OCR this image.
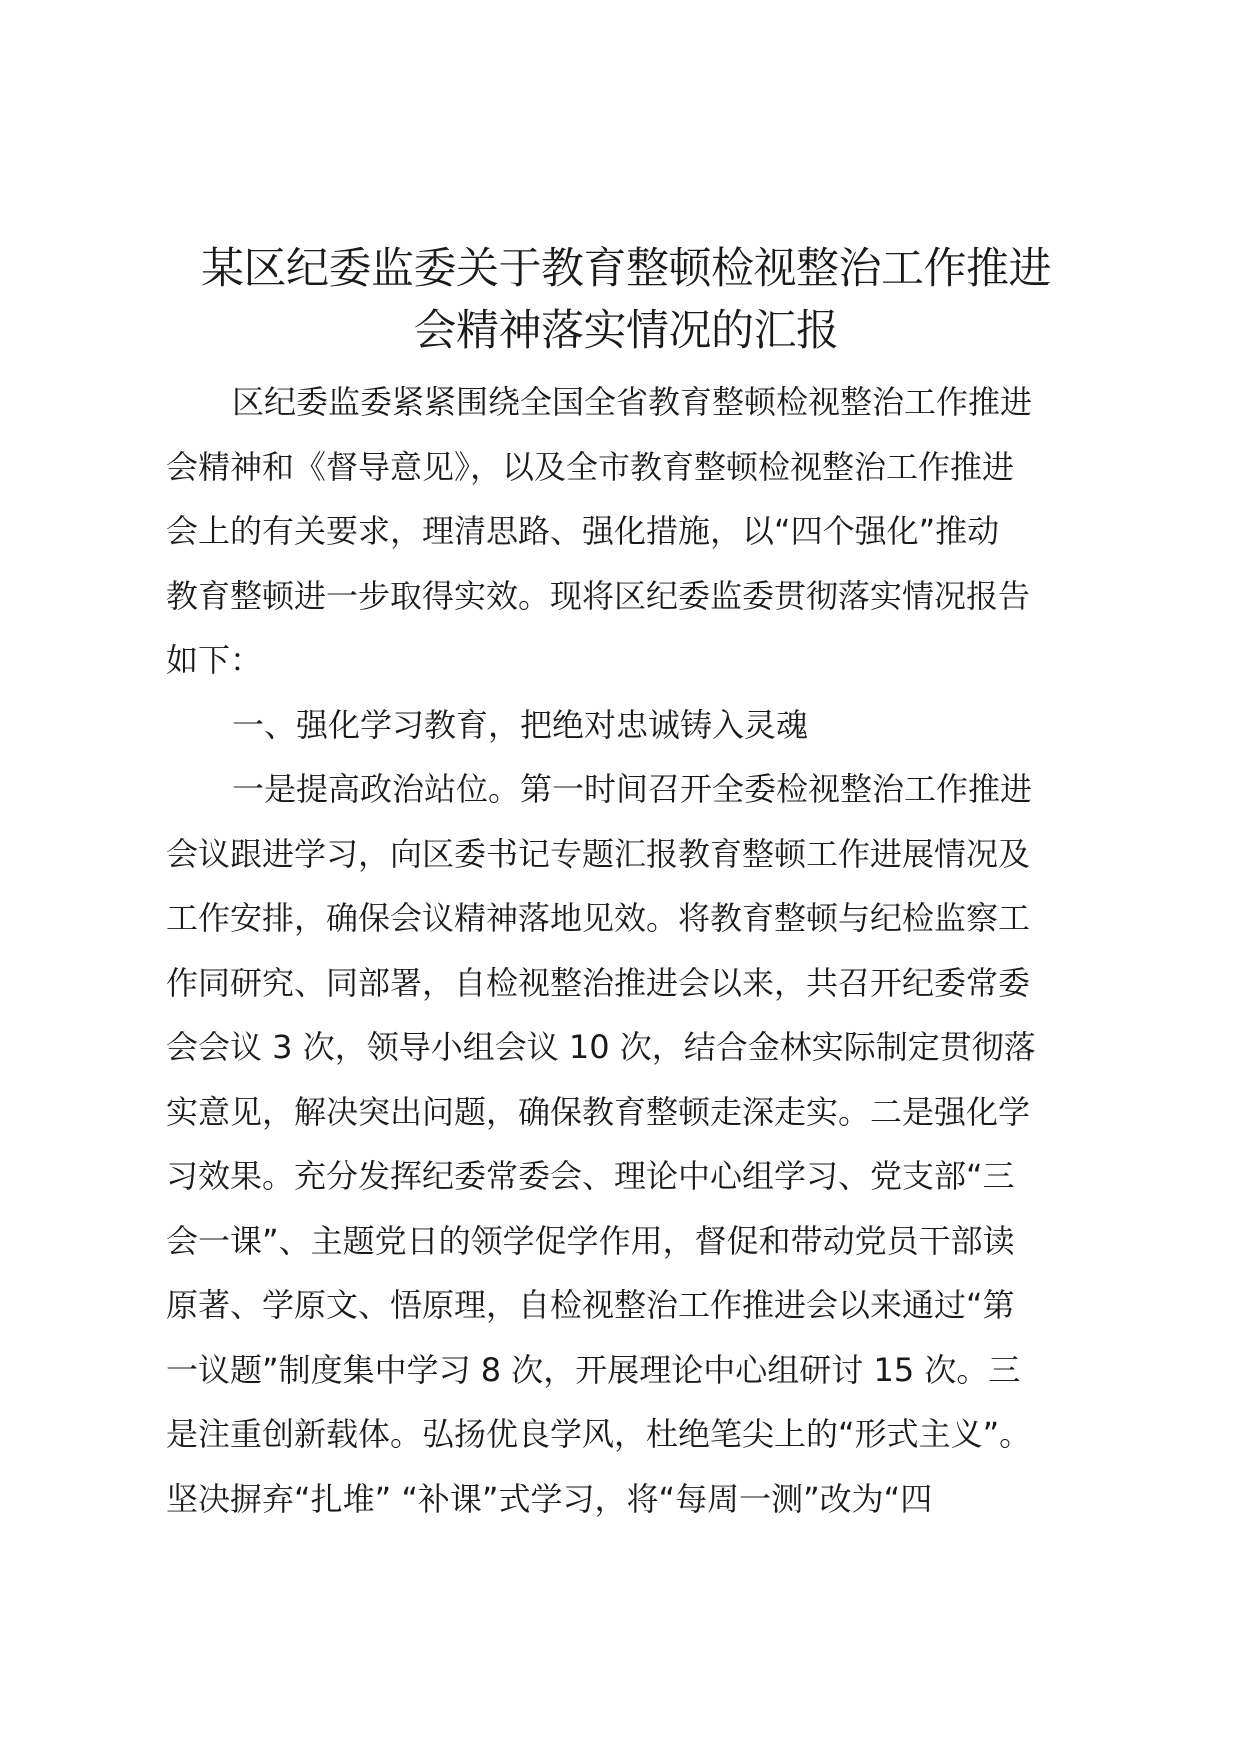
某区纪委监委关于教育整顿检视整治工作推进
会精神落实情况的汇报
区纪委监委紧紧围绕全国全省教育整顿检视整治工作推进
会精神和《督导意见》，以及全市教育整顿检视整治工作推进
会上的有关要求，理清思路、强化措施，以“四个强化”推动
教育整顿进一步取得实效。现将区纪委监委贯彻落实情况报告
如下：
一、强化学习教育，把绝对忠诚铸入灵魂
一是提高政治站位。第一时间召开全委检视整治工作推进
会议跟进学习，向区委书记专题汇报教育整顿工作进展情况及
工作安排，确保会议精神落地见效。将教育整顿与纪检监察工
作同研究、同部署，自检视整治推进会以来，共召开纪委常委
会会议 3 次，领导小组会议 10 次，结合金林实际制定贯彻落
实意见，解决突出问题，确保教育整顿走深走实。二是强化学
习效果。充分发挥纪委常委会、理论中心组学习、党支部“三
会一课”、主题党日的领学促学作用，督促和带动党员干部读
原著、学原文、悟原理，自检视整治工作推进会以来通过“第
一议题”制度集中学习 8 次，开展理论中心组研讨 15 次。三
是注重创新载体。弘扬优良学风，杜绝笔尖上的“形式主义”。
坚决摒弃“扎堆” “补课”式学习，将“每周一测”改为“四
